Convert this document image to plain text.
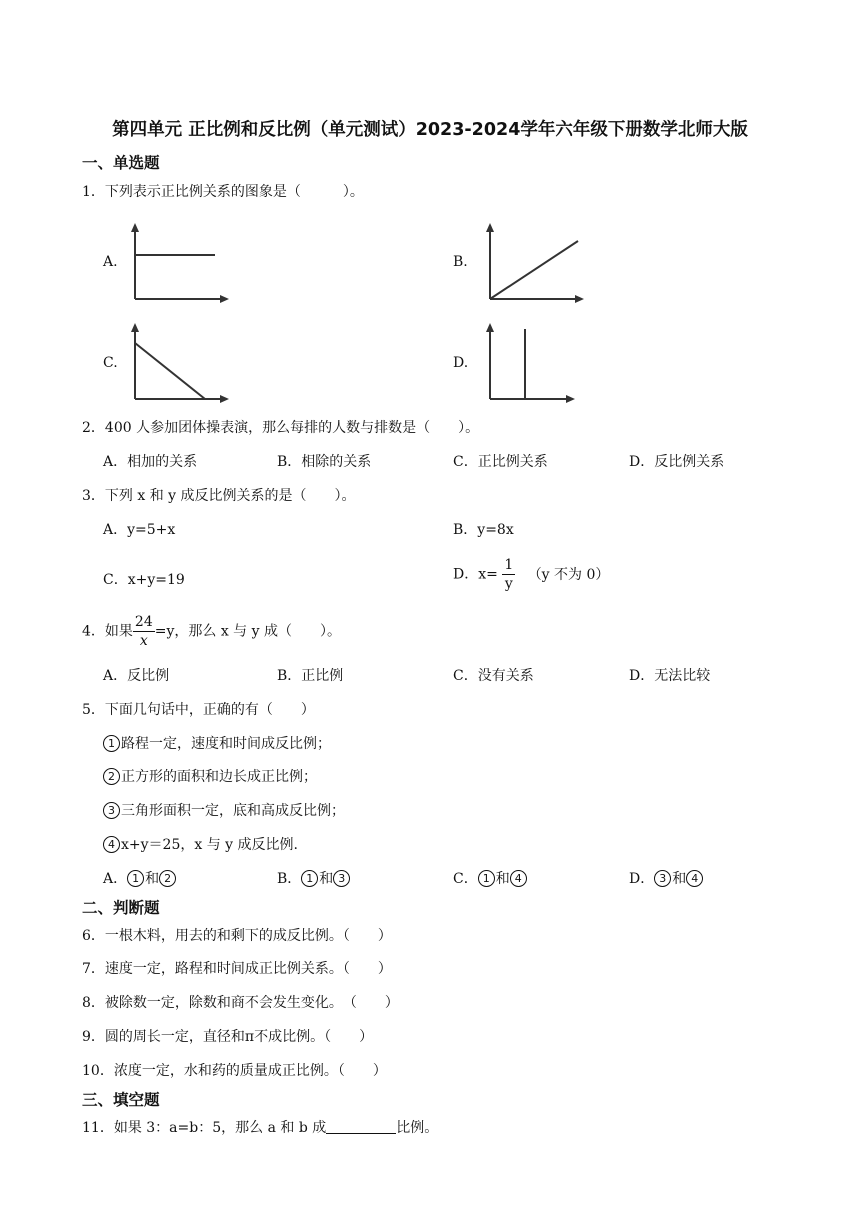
第四单元 正比例和反比例（单元测试）2023-2024学年六年级下册数学北师大版
一、单选题
1．下列表示正比例关系的图象是（　　　）。
A.	B.
C.	D.
2．400 人参加团体操表演，那么每排的人数与排数是（　　）。
A．相加的关系	B．相除的关系	C．正比例关系	D．反比例关系
3．下列 x 和 y 成反比例关系的是（　　）。
A．y=5+x	B．y=8x
C．x+y=19	D．$x= \frac{1}{y} (y$ 不为 0）
4．如果 $\frac{24}{x} =y$，那么 x 与 y 成（　　）。
A．反比例	B．正比例	C．没有关系	D．无法比较
5．下面几句话中，正确的有（　　）
1 路程一定，速度和时间成反比例；
2 正方形的面积和边长成正比例；
3 三角形面积一定，底和高成反比例；
4 x+y＝25，x 与 y 成反比例.
A． 1 和 2	B． 1 和 3	C． 1 和 4	D． 3 和 4
二、判断题
6．一根木料，用去的和剩下的成反比例。（　　）
7．速度一定，路程和时间成正比例关系。（　　）
8．被除数一定，除数和商不会发生变化。　（　　）
9．圆的周长一定，直径和π不成比例。（　　）
10．浓度一定，水和药的质量成正比例。（　　）
三、填空题
11．如果 3：a=b：5，那么 a 和 b 成	比例。
